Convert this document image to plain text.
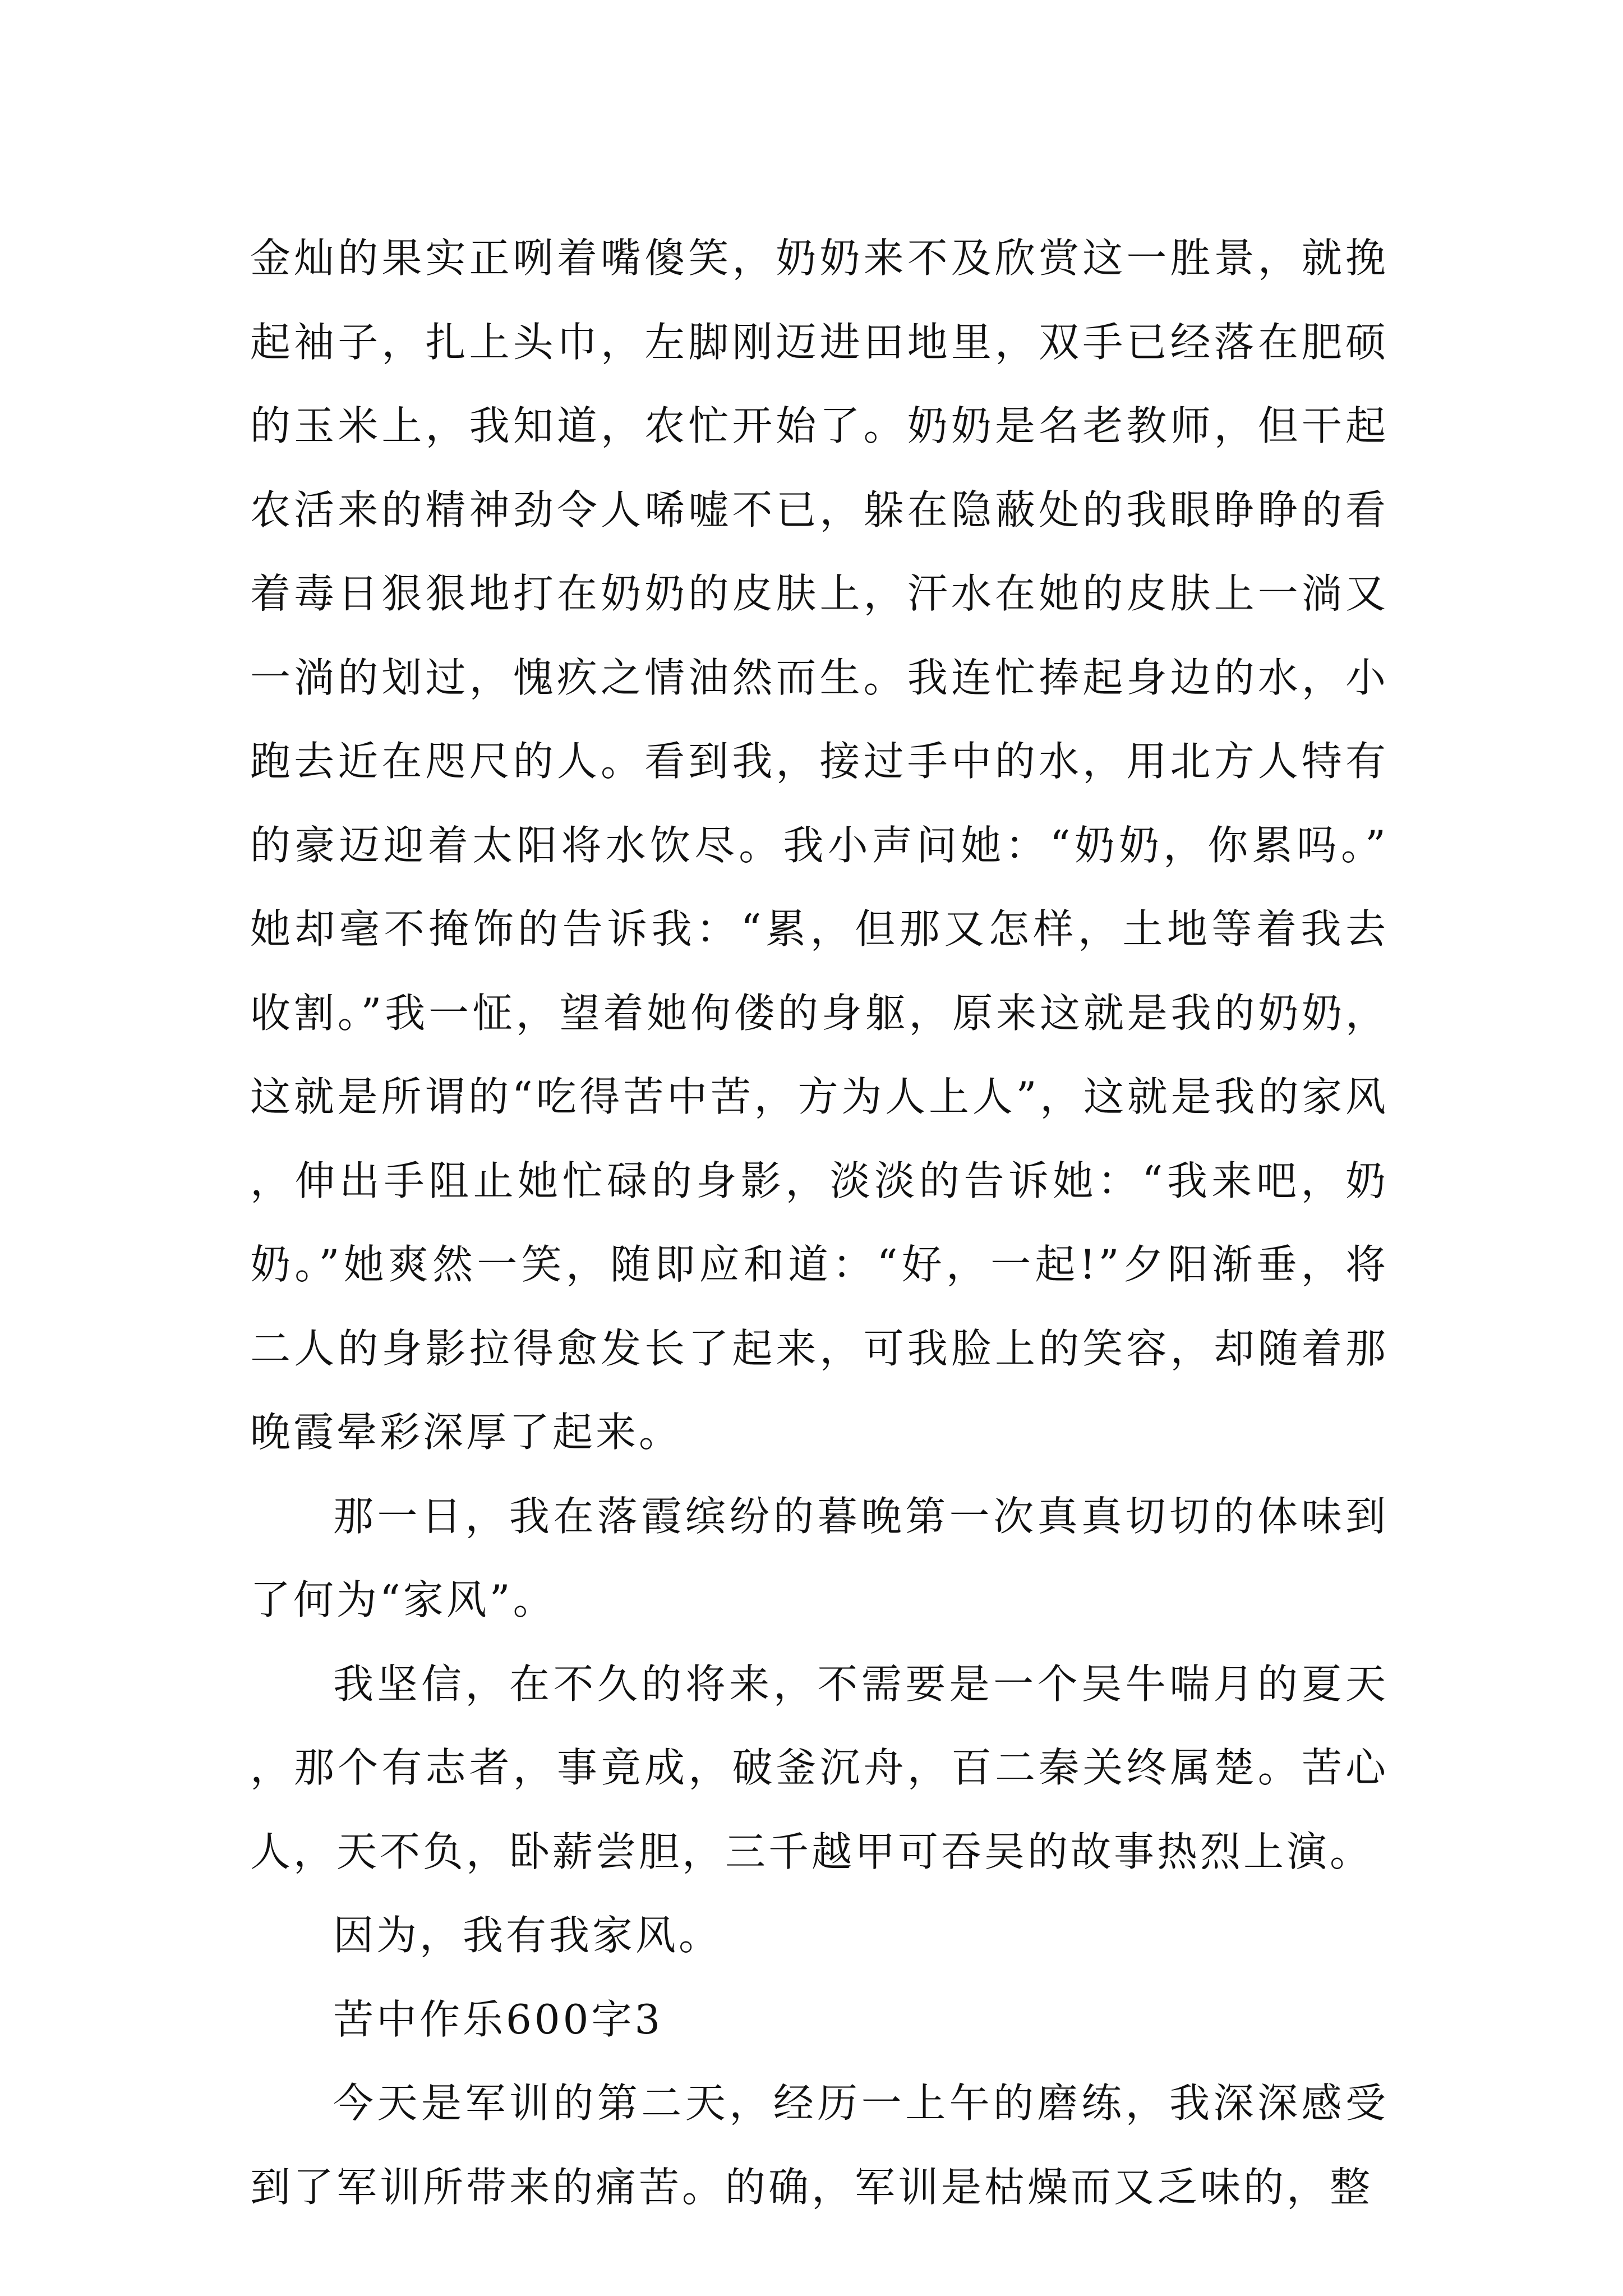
金灿的果实正咧着嘴傻笑，奶奶来不及欣赏这一胜景，就挽起袖子，扎上头巾，左脚刚迈进田地里，双手已经落在肥硕的玉米上，我知道，农忙开始了。奶奶是名老教师，但干起农活来的精神劲令人唏嘘不已，躲在隐蔽处的我眼睁睁的看着毒日狠狠地打在奶奶的皮肤上，汗水在她的皮肤上一淌又一淌的划过，愧疚之情油然而生。我连忙捧起身边的水，小跑去近在咫尺的人。看到我，接过手中的水，用北方人特有的豪迈迎着太阳将水饮尽。我小声问她：“奶奶，你累吗。”她却毫不掩饰的告诉我：“累，但那又怎样，土地等着我去收割。”我一怔，望着她佝偻的身躯，原来这就是我的奶奶，这就是所谓的“吃得苦中苦，方为人上人”，这就是我的家风，伸出手阻止她忙碌的身影，淡淡的告诉她：“我来吧，奶奶。”她爽然一笑，随即应和道：“好，一起!”夕阳渐垂，将二人的身影拉得愈发长了起来，可我脸上的笑容，却随着那晚霞晕彩深厚了起来。

那一日，我在落霞缤纷的暮晚第一次真真切切的体味到了何为“家风”。

我坚信，在不久的将来，不需要是一个吴牛喘月的夏天，那个有志者，事竟成，破釜沉舟，百二秦关终属楚。苦心人，天不负，卧薪尝胆，三千越甲可吞吴的故事热烈上演。

因为，我有我家风。

苦中作乐600字3

今天是军训的第二天，经历一上午的磨练，我深深感受到了军训所带来的痛苦。的确，军训是枯燥而又乏味的，整
